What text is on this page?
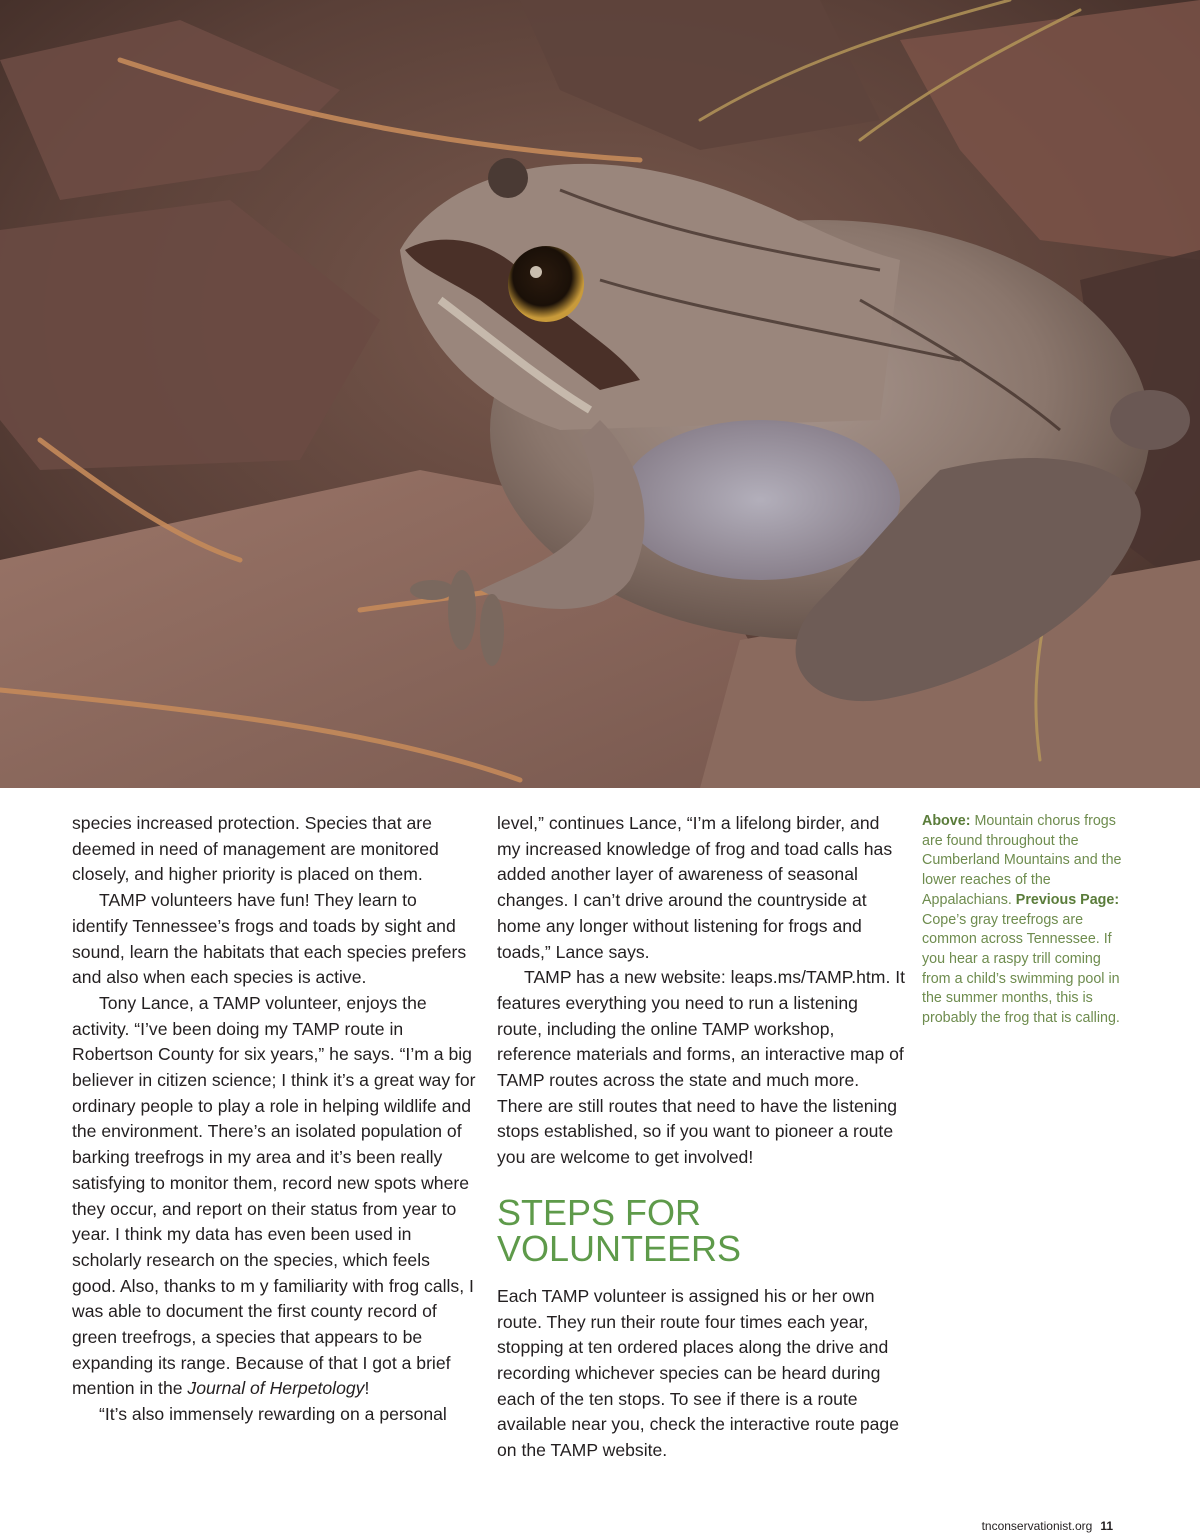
species increased protection. Species that are deemed in need of management are monitored closely, and higher priority is placed on them.

TAMP volunteers have fun! They learn to identify Tennessee’s frogs and toads by sight and sound, learn the habitats that each species prefers and also when each species is active.

Tony Lance, a TAMP volunteer, enjoys the activity. “I’ve been doing my TAMP route in Robertson County for six years,” he says. “I’m a big believer in citizen science; I think it’s a great way for ordinary people to play a role in helping wildlife and the environment. There’s an isolated population of barking treefrogs in my area and it’s been really satisfying to monitor them, record new spots where they occur, and report on their status from year to year. I think my data has even been used in scholarly research on the species, which feels good. Also, thanks to m y familiarity with frog calls, I was able to document the first county record of green treefrogs, a species that appears to be expanding its range. Because of that I got a brief mention in the Journal of Herpetology!

“It’s also immensely rewarding on a personal

level,” continues Lance, “I’m a lifelong birder, and my increased knowledge of frog and toad calls has added another layer of awareness of seasonal changes. I can’t drive around the countryside at home any longer without listening for frogs and toads,” Lance says.

TAMP has a new website: leaps.ms/TAMP.htm. It features everything you need to run a listening route, including the online TAMP workshop, reference materials and forms, an interactive map of TAMP routes across the state and much more. There are still routes that need to have the listening stops established, so if you want to pioneer a route you are welcome to get involved!

STEPS FOR
VOLUNTEERS

Each TAMP volunteer is assigned his or her own route. They run their route four times each year, stopping at ten ordered places along the drive and recording whichever species can be heard during each of the ten stops. To see if there is a route available near you, check the interactive route page on the TAMP website.

Above: Mountain chorus frogs are found throughout the Cumberland Mountains and the lower reaches of the Appalachians. Previous Page: Cope’s gray treefrogs are common across Tennessee. If you hear a raspy trill coming from a child’s swimming pool in the summer months, this is probably the frog that is calling.
tnconservationist.org 11
